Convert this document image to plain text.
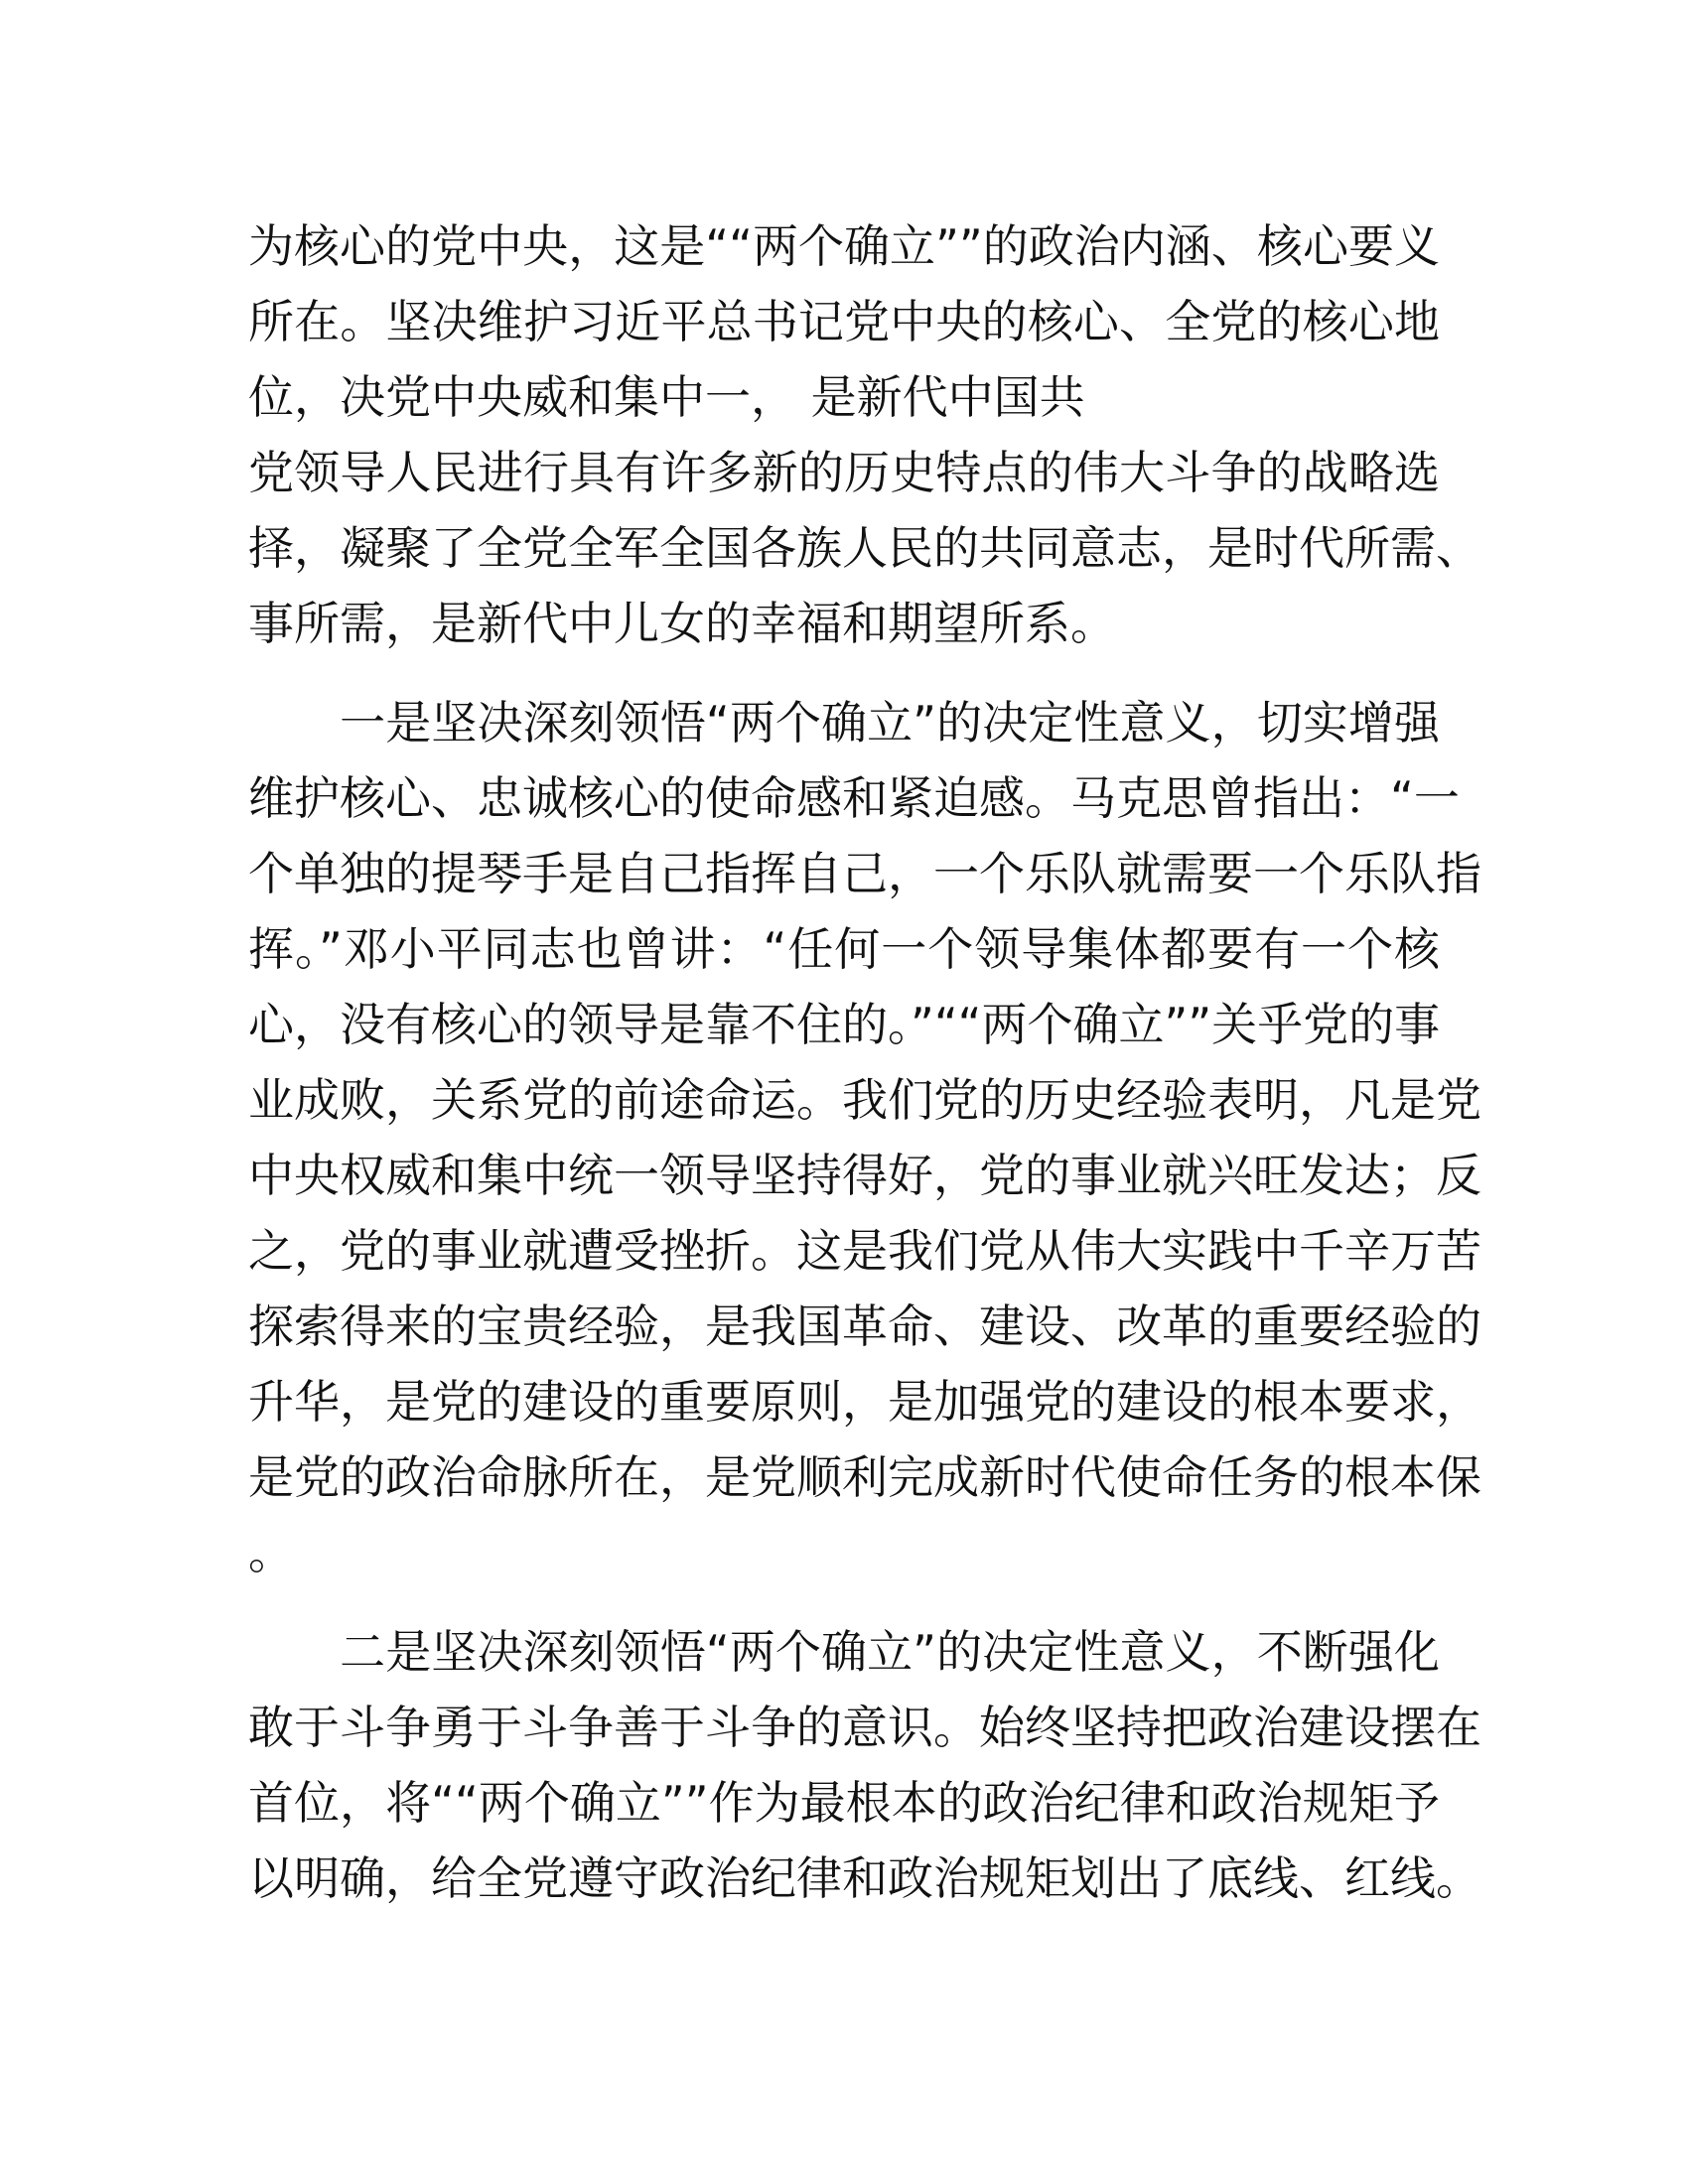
为核心的党中央，这是““两个确立””的政治内涵、核心要义
所在。坚决维护习近平总书记党中央的核心、全党的核心地
位，决党中央威和集中一， 是新代中国共
党领导人民进行具有许多新的历史特点的伟大斗争的战略选
择，凝聚了全党全军全国各族人民的共同意志，是时代所需、
事所需，是新代中儿女的幸福和期望所系。
　　一是坚决深刻领悟“两个确立”的决定性意义，切实增强
维护核心、忠诚核心的使命感和紧迫感。马克思曾指出：“一
个单独的提琴手是自己指挥自己，一个乐队就需要一个乐队指
挥。”邓小平同志也曾讲：“任何一个领导集体都要有一个核
心，没有核心的领导是靠不住的。”““两个确立””关乎党的事
业成败，关系党的前途命运。我们党的历史经验表明，凡是党
中央权威和集中统一领导坚持得好，党的事业就兴旺发达；反
之，党的事业就遭受挫折。这是我们党从伟大实践中千辛万苦
探索得来的宝贵经验，是我国革命、建设、改革的重要经验的
升华，是党的建设的重要原则，是加强党的建设的根本要求，
是党的政治命脉所在，是党顺利完成新时代使命任务的根本保
。
　　二是坚决深刻领悟“两个确立”的决定性意义，不断强化
敢于斗争勇于斗争善于斗争的意识。始终坚持把政治建设摆在
首位，将““两个确立””作为最根本的政治纪律和政治规矩予
以明确，给全党遵守政治纪律和政治规矩划出了底线、红线。
